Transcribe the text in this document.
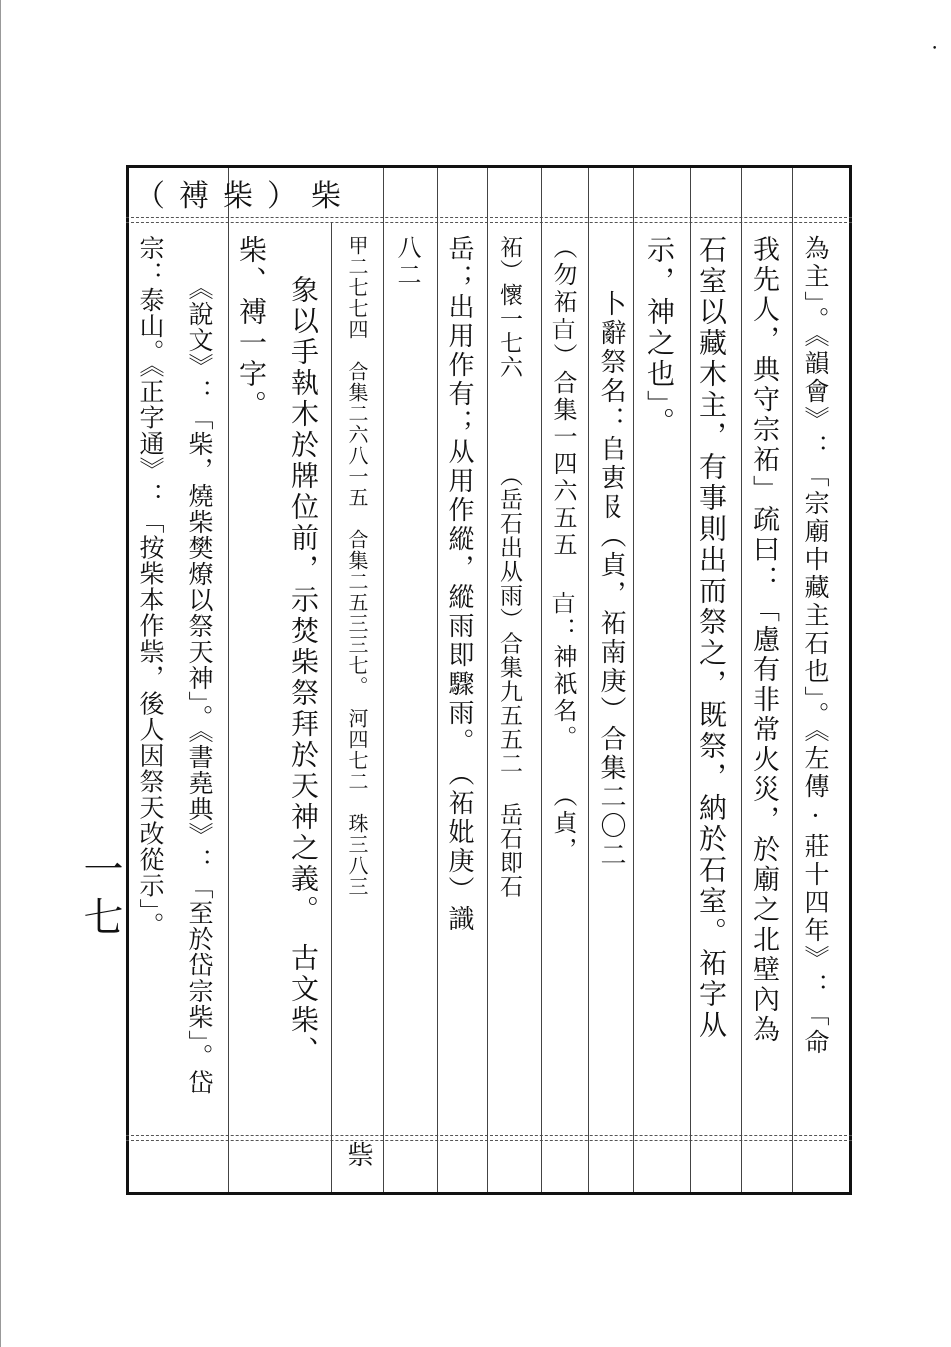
•
（禣柴）柴
為主」。《韻會》：「宗廟中藏主石也」。《左傳·莊十四年》：「命
我先人，典守宗祏」疏曰：「慮有非常火災，於廟之北壁內為
石室以藏木主，有事則出而祭之，既祭，納於石室。祏字从
示，神之也」。
卜辭祭名：𠂤叀𠬝（貞，祏南庚）合集二〇二
（勿祏𣅀）合集一四六五五 𣅀：神祇名。 （貞，
祏）懷一七六　　　　（岳石出从雨）合集九五五二 岳石即石
岳；出用作有；从用作縱，縱雨即驟雨。　（祏妣庚）識
八二
甲二七七四　合集二六八一五　合集二五三三七。　河四七二　珠三八三
象以手執木於牌位前，示焚柴祭拜於天神之義。　古文柴、
柴、禣一字。
《說文》：「柴，燒柴樊燎以祭天神」。《書堯典》：「至於岱宗柴」。岱
宗：泰山。《正字通》：「按柴本作祡，後人因祭天改從示」。
祡
一七
